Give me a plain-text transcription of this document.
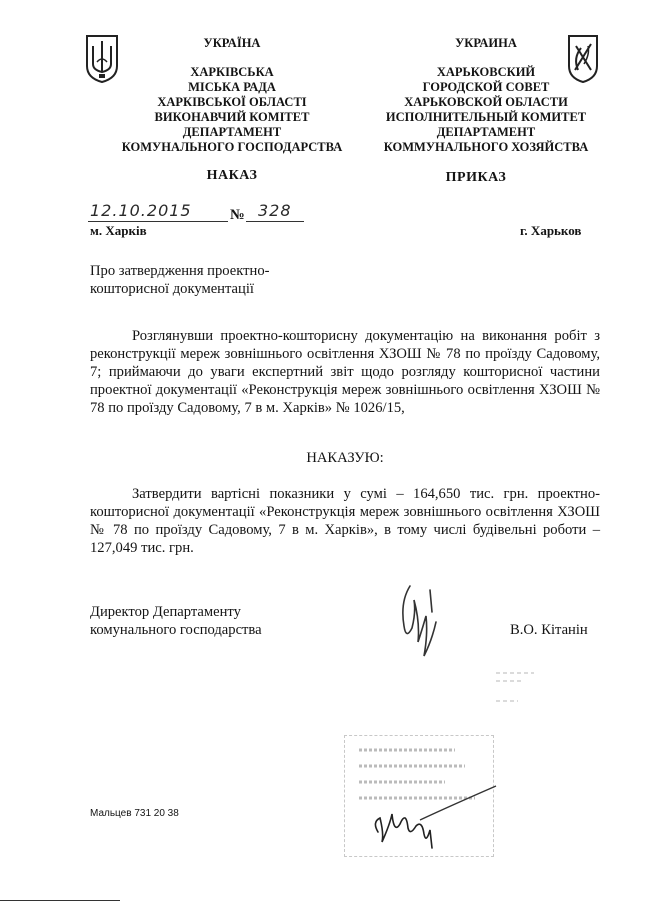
УКРАЇНА
ХАРКІВСЬКА
МІСЬКА РАДА
ХАРКІВСЬКОЇ ОБЛАСТІ
ВИКОНАВЧИЙ КОМІТЕТ
ДЕПАРТАМЕНТ
КОМУНАЛЬНОГО ГОСПОДАРСТВА
УКРАИНА
ХАРЬКОВСКИЙ
ГОРОДСКОЙ СОВЕТ
ХАРЬКОВСКОЙ ОБЛАСТИ
ИСПОЛНИТЕЛЬНЫЙ КОМИТЕТ
ДЕПАРТАМЕНТ
КОММУНАЛЬНОГО ХОЗЯЙСТВА
НАКАЗ	ПРИКАЗ
12.10.2015	№ 328
м. Харків	г. Харьков
Про затвердження проектно-
кошторисної документації
Розглянувши проектно-кошторисну документацію на виконання робіт з реконструкції мереж зовнішнього освітлення ХЗОШ № 78 по проїзду Садовому, 7; приймаючи до уваги експертний звіт щодо розгляду кошторисної частини проектної документації «Реконструкція мереж зовнішнього освітлення ХЗОШ № 78 по проїзду Садовому, 7 в м. Харків» № 1026/15,
НАКАЗУЮ:
Затвердити вартісні показники у сумі – 164,650 тис. грн. проектно-кошторисної документації «Реконструкція мереж зовнішнього освітлення ХЗОШ № 78 по проїзду Садовому, 7 в м. Харків», в тому числі будівельні роботи – 127,049 тис. грн.
Директор Департаменту
комунального господарства	В.О. Кітанін
Мальцев 731 20 38
